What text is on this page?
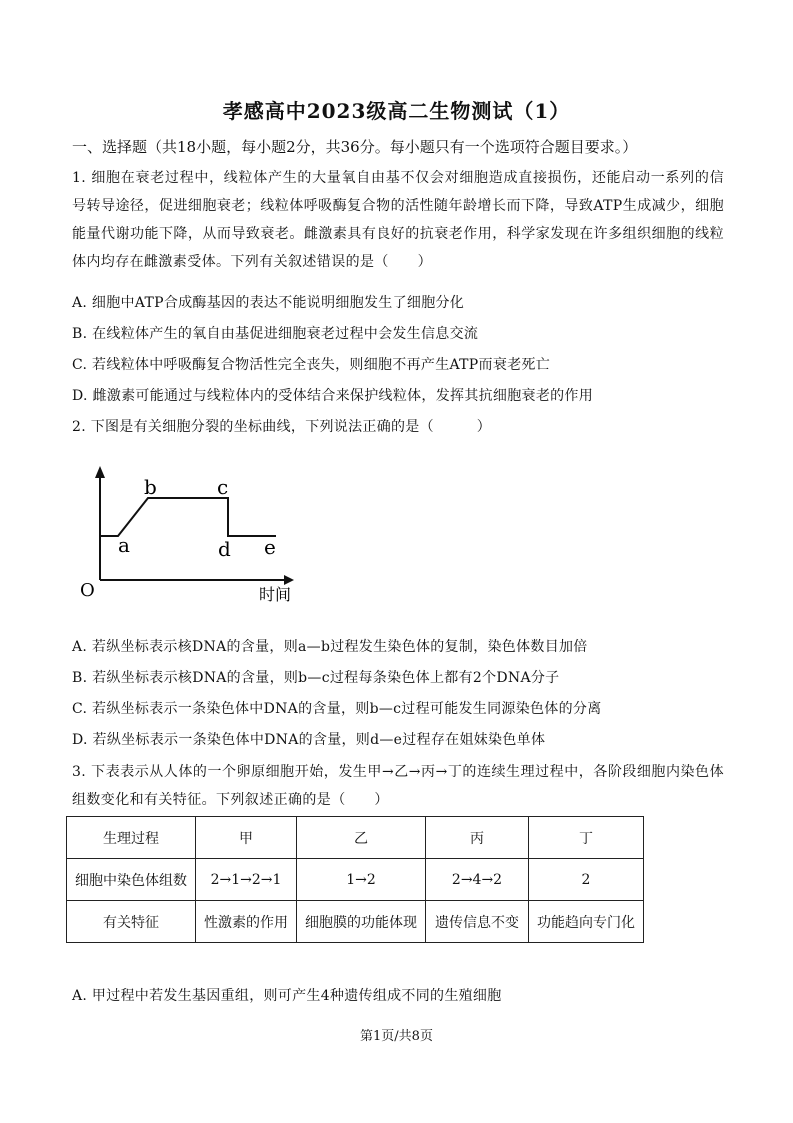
孝感高中2023级高二生物测试（1）
一、选择题（共18小题，每小题2分，共36分。每小题只有一个选项符合题目要求。）
1. 细胞在衰老过程中，线粒体产生的大量氧自由基不仅会对细胞造成直接损伤，还能启动一系列的信号转导途径，促进细胞衰老；线粒体呼吸酶复合物的活性随年龄增长而下降，导致ATP生成减少，细胞能量代谢功能下降，从而导致衰老。雌激素具有良好的抗衰老作用，科学家发现在许多组织细胞的线粒体内均存在雌激素受体。下列有关叙述错误的是（　　）
A. 细胞中ATP合成酶基因的表达不能说明细胞发生了细胞分化
B. 在线粒体产生的氧自由基促进细胞衰老过程中会发生信息交流
C. 若线粒体中呼吸酶复合物活性完全丧失，则细胞不再产生ATP而衰老死亡
D. 雌激素可能通过与线粒体内的受体结合来保护线粒体，发挥其抗细胞衰老的作用
2. 下图是有关细胞分裂的坐标曲线，下列说法正确的是（　　　）
O	时间
a
b	c
d e
A. 若纵坐标表示核DNA的含量，则a—b过程发生染色体的复制，染色体数目加倍
B. 若纵坐标表示核DNA的含量，则b—c过程每条染色体上都有2个DNA分子
C. 若纵坐标表示一条染色体中DNA的含量，则b—c过程可能发生同源染色体的分离
D. 若纵坐标表示一条染色体中DNA的含量，则d—e过程存在姐妹染色单体
3. 下表表示从人体的一个卵原细胞开始，发生甲→乙→丙→丁的连续生理过程中，各阶段细胞内染色体组数变化和有关特征。下列叙述正确的是（　　）
生理过程	甲	乙	丙	丁
细胞中染色体组数	2→1→2→1	1→2	2→4→2	2
有关特征	性激素的作用	细胞膜的功能体现	遗传信息不变	功能趋向专门化
A. 甲过程中若发生基因重组，则可产生4种遗传组成不同的生殖细胞
第1页/共8页
